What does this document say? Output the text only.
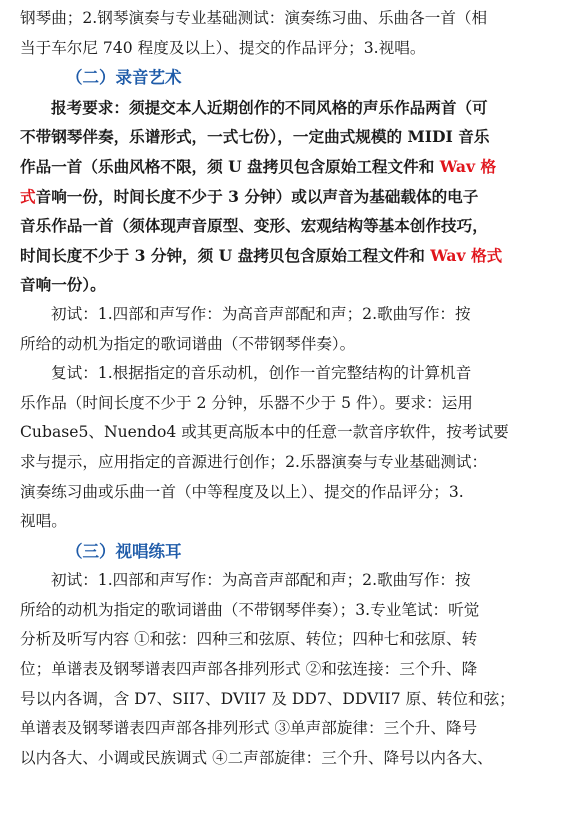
钢琴曲；2.钢琴演奏与专业基础测试：演奏练习曲、乐曲各一首（相
当于车尔尼 740 程度及以上）、提交的作品评分；3.视唱。
（二）录音艺术
报考要求：须提交本人近期创作的不同风格的声乐作品两首（可
不带钢琴伴奏，乐谱形式，一式七份），一定曲式规模的 MIDI 音乐
作品一首（乐曲风格不限，须 U 盘拷贝包含原始工程文件和 Wav 格
式音响一份，时间长度不少于 3 分钟）或以声音为基础载体的电子
音乐作品一首（须体现声音原型、变形、宏观结构等基本创作技巧，
时间长度不少于 3 分钟，须 U 盘拷贝包含原始工程文件和 Wav 格式
音响一份）。
初试：1.四部和声写作：为高音声部配和声；2.歌曲写作：按
所给的动机为指定的歌词谱曲（不带钢琴伴奏）。
复试：1.根据指定的音乐动机，创作一首完整结构的计算机音
乐作品（时间长度不少于 2 分钟，乐器不少于 5 件）。要求：运用
Cubase5、Nuendo4 或其更高版本中的任意一款音序软件，按考试要
求与提示，应用指定的音源进行创作；2.乐器演奏与专业基础测试：
演奏练习曲或乐曲一首（中等程度及以上）、提交的作品评分；3.
视唱。
（三）视唱练耳
初试：1.四部和声写作：为高音声部配和声；2.歌曲写作：按
所给的动机为指定的歌词谱曲（不带钢琴伴奏）；3.专业笔试：听觉
分析及听写内容 ①和弦：四种三和弦原、转位；四种七和弦原、转
位；单谱表及钢琴谱表四声部各排列形式 ②和弦连接：三个升、降
号以内各调，含 D7、SII7、DVII7 及 DD7、DDVII7 原、转位和弦；
单谱表及钢琴谱表四声部各排列形式 ③单声部旋律：三个升、降号
以内各大、小调或民族调式 ④二声部旋律：三个升、降号以内各大、
